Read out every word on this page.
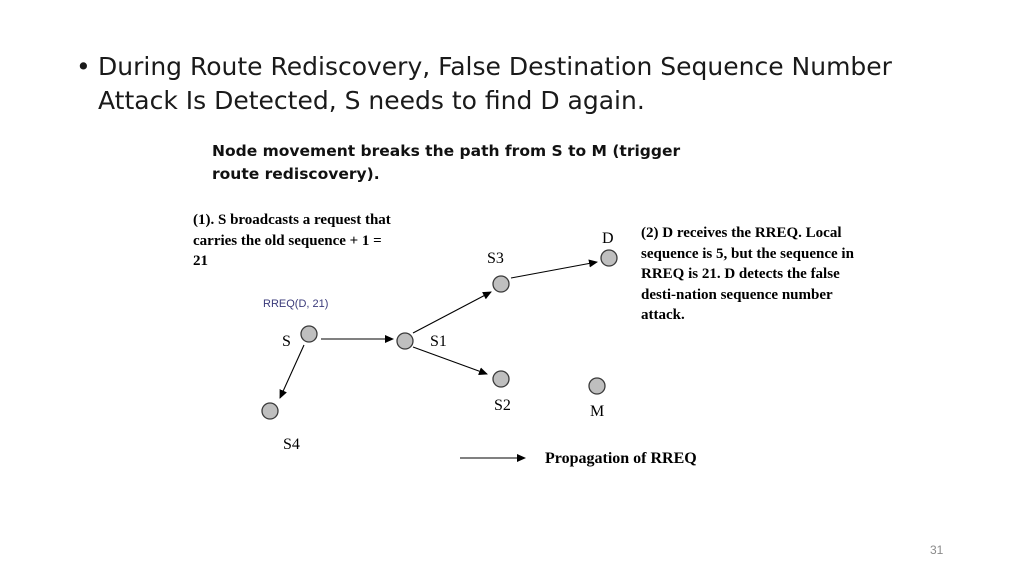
• During Route Rediscovery, False Destination Sequence Number Attack Is Detected, S needs to find D again.
Node movement breaks the path from S to M (trigger route rediscovery).
(1). S broadcasts a request that carries the old sequence + 1 = 21
(2) D receives the RREQ. Local sequence is 5, but the sequence in RREQ is 21. D detects the false desti-nation sequence number attack.
RREQ(D, 21)
S	S1
S3
S2
D
M
S4
Propagation of RREQ
31
